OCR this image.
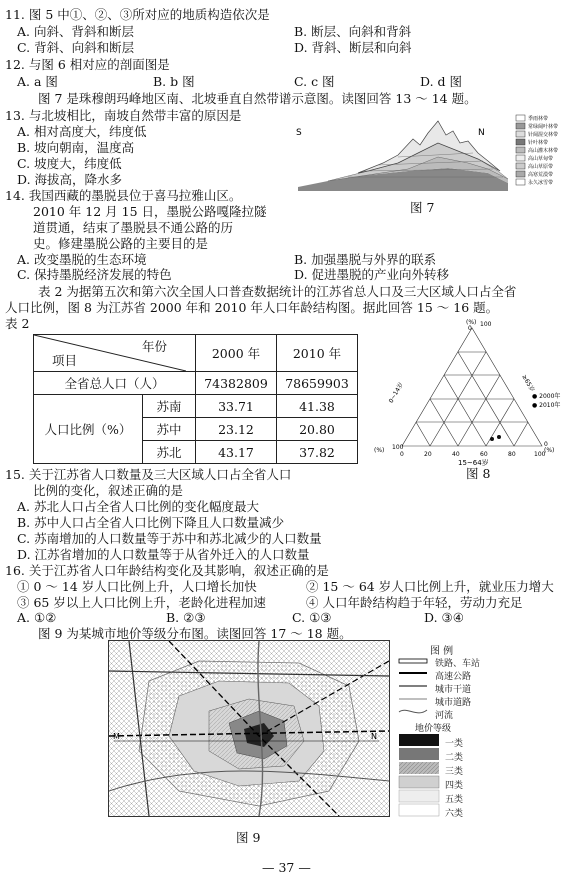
11. 图 5 中①、②、③所对应的地质构造依次是
A. 向斜、背斜和断层	B. 断层、向斜和背斜
C. 背斜、向斜和断层	D. 背斜、断层和向斜
12. 与图 6 相对应的剖面图是
A. a 图	B. b 图	C. c 图	D. d 图
图 7 是珠穆朗玛峰地区南、北坡垂直自然带谱示意图。读图回答 13 ～ 14 题。
13. 与北坡相比，南坡自然带丰富的原因是
A. 相对高度大，纬度低
B. 坡向朝南，温度高
C. 坡度大，纬度低
D. 海拔高，降水多
14. 我国西藏的墨脱县位于喜马拉雅山区。
2010 年 12 月 15 日，墨脱公路嘎隆拉隧
道贯通，结束了墨脱县不通公路的历
史。修建墨脱公路的主要目的是
A. 改变墨脱的生态环境	B. 加强墨脱与外界的联系
C. 保持墨脱经济发展的特色	D. 促进墨脱的产业向外转移
S	N
季雨林带
常绿阔叶林带
针阔混交林带
针叶林带
高山灌木林带
高山草甸带
高山草原带
高寒荒漠带
永久冰雪带
图 7
表 2 为据第五次和第六次全国人口普查数据统计的江苏省总人口及三大区域人口占全省
人口比例，图 8 为江苏省 2000 年和 2010 年人口年龄结构图。据此回答 15 ～ 16 题。
表 2
年份
项目		2000 年	2010 年
全省总人口（人）		74382809	78659903
人口比例（%）	苏南	33.71	41.38
	苏中	23.12	20.80
	苏北	43.17	37.82
(%)
0
100
(%) 100	(%)
0
0	20	40	60	80	100
0~14岁	≥65岁
15~64岁
● 2000年
● 2010年
图 8
15. 关于江苏省人口数量及三大区域人口占全省人口
比例的变化，叙述正确的是
A. 苏北人口占全省人口比例的变化幅度最大
B. 苏中人口占全省人口比例下降且人口数量减少
C. 苏南增加的人口数量等于苏中和苏北减少的人口数量
D. 江苏省增加的人口数量等于从省外迁入的人口数量
16. 关于江苏省人口年龄结构变化及其影响，叙述正确的是
① 0 ～ 14 岁人口比例上升，人口增长加快	② 15 ～ 64 岁人口比例上升，就业压力增大
③ 65 岁以上人口比例上升，老龄化进程加速	④ 人口年龄结构趋于年轻，劳动力充足
A. ①②	B. ②③	C. ①③	D. ③④
图 9 为某城市地价等级分布图。读图回答 17 ～ 18 题。
M	N
图 例
铁路、车站
高速公路
城市干道
城市道路
河流
地价等级
一类
二类
三类
四类
五类
六类
图 9
— 37 —
